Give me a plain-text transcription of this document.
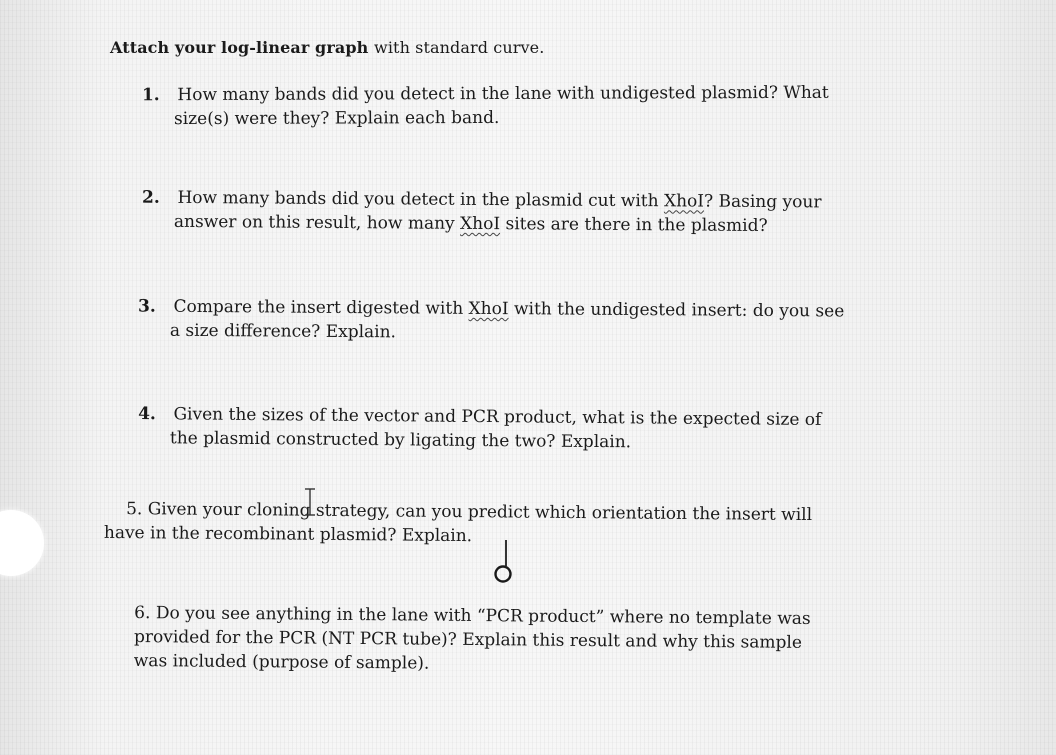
Attach your log-linear graph with standard curve.
1. How many bands did you detect in the lane with undigested plasmid? What
size(s) were they? Explain each band.
2. How many bands did you detect in the plasmid cut with XhoI? Basing your
answer on this result, how many XhoI sites are there in the plasmid?
3. Compare the insert digested with XhoI with the undigested insert: do you see
a size difference? Explain.
4. Given the sizes of the vector and PCR product, what is the expected size of
the plasmid constructed by ligating the two? Explain.
5. Given your cloning strategy, can you predict which orientation the insert will
have in the recombinant plasmid? Explain.
6. Do you see anything in the lane with “PCR product” where no template was
provided for the PCR (NT PCR tube)? Explain this result and why this sample
was included (purpose of sample).
